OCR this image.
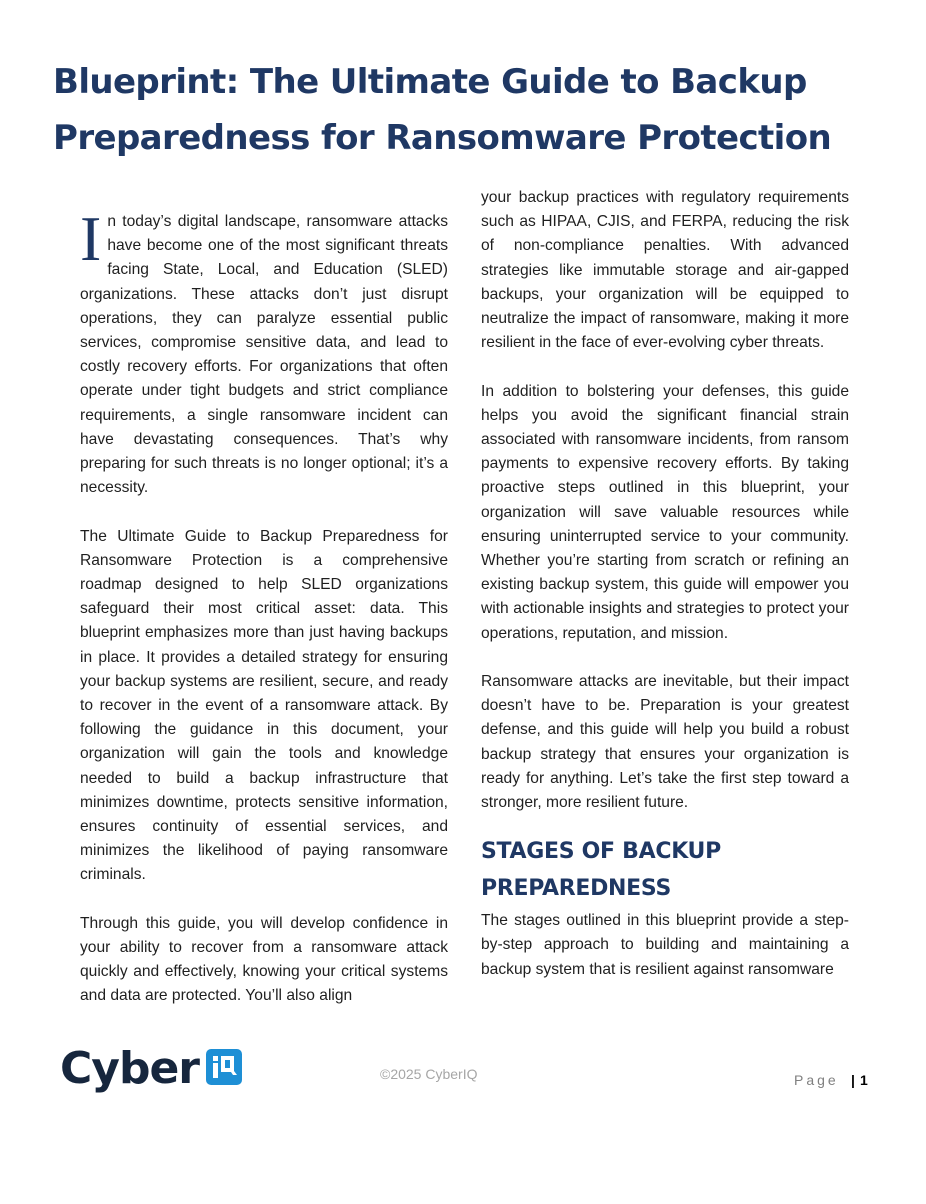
Blueprint: The Ultimate Guide to Backup Preparedness for Ransomware Protection

In today’s digital landscape, ransomware attacks have become one of the most significant threats facing State, Local, and Education (SLED) organizations. These attacks don’t just disrupt operations, they can paralyze essential public services, compromise sensitive data, and lead to costly recovery efforts. For organizations that often operate under tight budgets and strict compliance requirements, a single ransomware incident can have devastating consequences. That’s why preparing for such threats is no longer optional; it’s a necessity.

The Ultimate Guide to Backup Preparedness for Ransomware Protection is a comprehensive roadmap designed to help SLED organizations safeguard their most critical asset: data. This blueprint emphasizes more than just having backups in place. It provides a detailed strategy for ensuring your backup systems are resilient, secure, and ready to recover in the event of a ransomware attack. By following the guidance in this document, your organization will gain the tools and knowledge needed to build a backup infrastructure that minimizes downtime, protects sensitive information, ensures continuity of essential services, and minimizes the likelihood of paying ransomware criminals.

Through this guide, you will develop confidence in your ability to recover from a ransomware attack quickly and effectively, knowing your critical systems and data are protected. You’ll also align

your backup practices with regulatory requirements such as HIPAA, CJIS, and FERPA, reducing the risk of non-compliance penalties. With advanced strategies like immutable storage and air-gapped backups, your organization will be equipped to neutralize the impact of ransomware, making it more resilient in the face of ever-evolving cyber threats.

In addition to bolstering your defenses, this guide helps you avoid the significant financial strain associated with ransomware incidents, from ransom payments to expensive recovery efforts. By taking proactive steps outlined in this blueprint, your organization will save valuable resources while ensuring uninterrupted service to your community. Whether you’re starting from scratch or refining an existing backup system, this guide will empower you with actionable insights and strategies to protect your operations, reputation, and mission.

Ransomware attacks are inevitable, but their impact doesn’t have to be. Preparation is your greatest defense, and this guide will help you build a robust backup strategy that ensures your organization is ready for anything. Let’s take the first step toward a stronger, more resilient future.

STAGES OF BACKUP PREPAREDNESS

The stages outlined in this blueprint provide a step-by-step approach to building and maintaining a backup system that is resilient against ransomware

Cyber	©2025 CyberIQ	Page | 1
